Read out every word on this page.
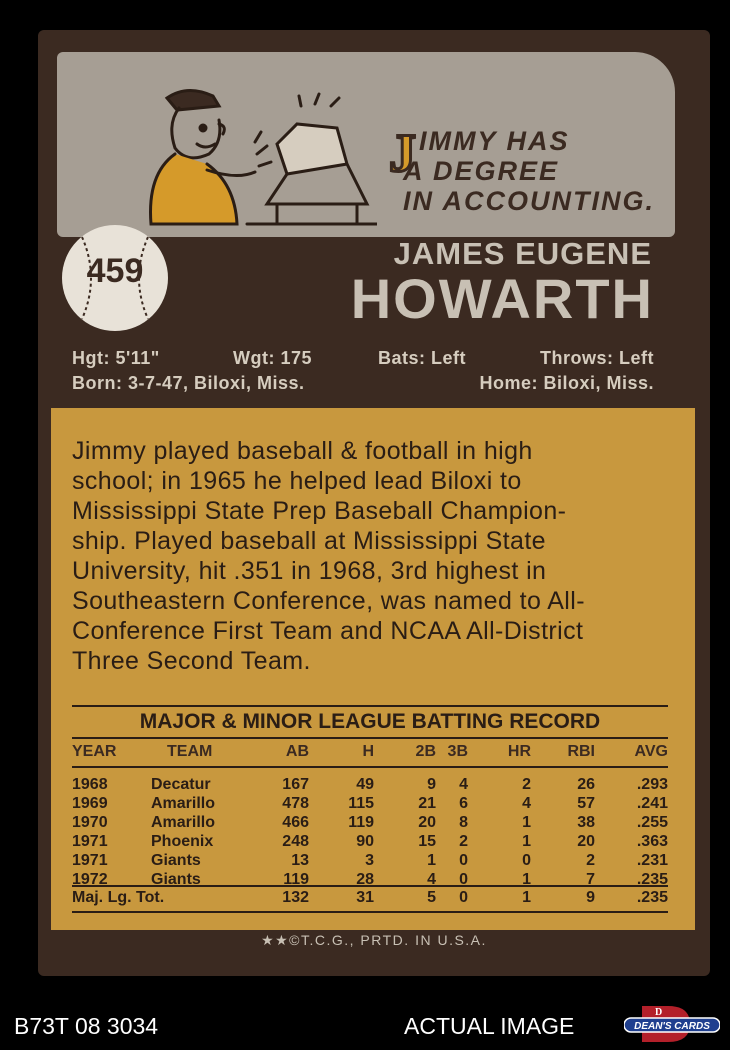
J IMMY HAS
A DEGREE
IN ACCOUNTING.
459	JAMES EUGENE
HOWARTH
Hgt: 5'11"	Wgt: 175	Bats: Left	Throws: Left
Born: 3-7-47, Biloxi, Miss.	Home: Biloxi, Miss.
Jimmy played baseball & football in high
school; in 1965 he helped lead Biloxi to
Mississippi State Prep Baseball Champion-
ship. Played baseball at Mississippi State
University, hit .351 in 1968, 3rd highest in
Southeastern Conference, was named to All-
Conference First Team and NCAA All-District
Three Second Team.
MAJOR & MINOR LEAGUE BATTING RECORD
YEAR	TEAM	AB	H	2B 3B HR RBI AVG
1968	Decatur	167	49	9 4	2	26	.293
1969	Amarillo	478 115	21 6	4	57	.241
1970	Amarillo	466 119	20 8	1	38	.255
1971	Phoenix	248	90	15 2	1	20	.363
1971	Giants	13	3	1 0	0	2	.231
1972	Giants	119	28	4 0	1	7	.235
Maj. Lg. Tot.	132	31	5 0	1	9	.235
★★©T.C.G., PRTD. IN U.S.A.
B73T 08 3034	ACTUAL IMAGE
D
DEAN'S CARDS
